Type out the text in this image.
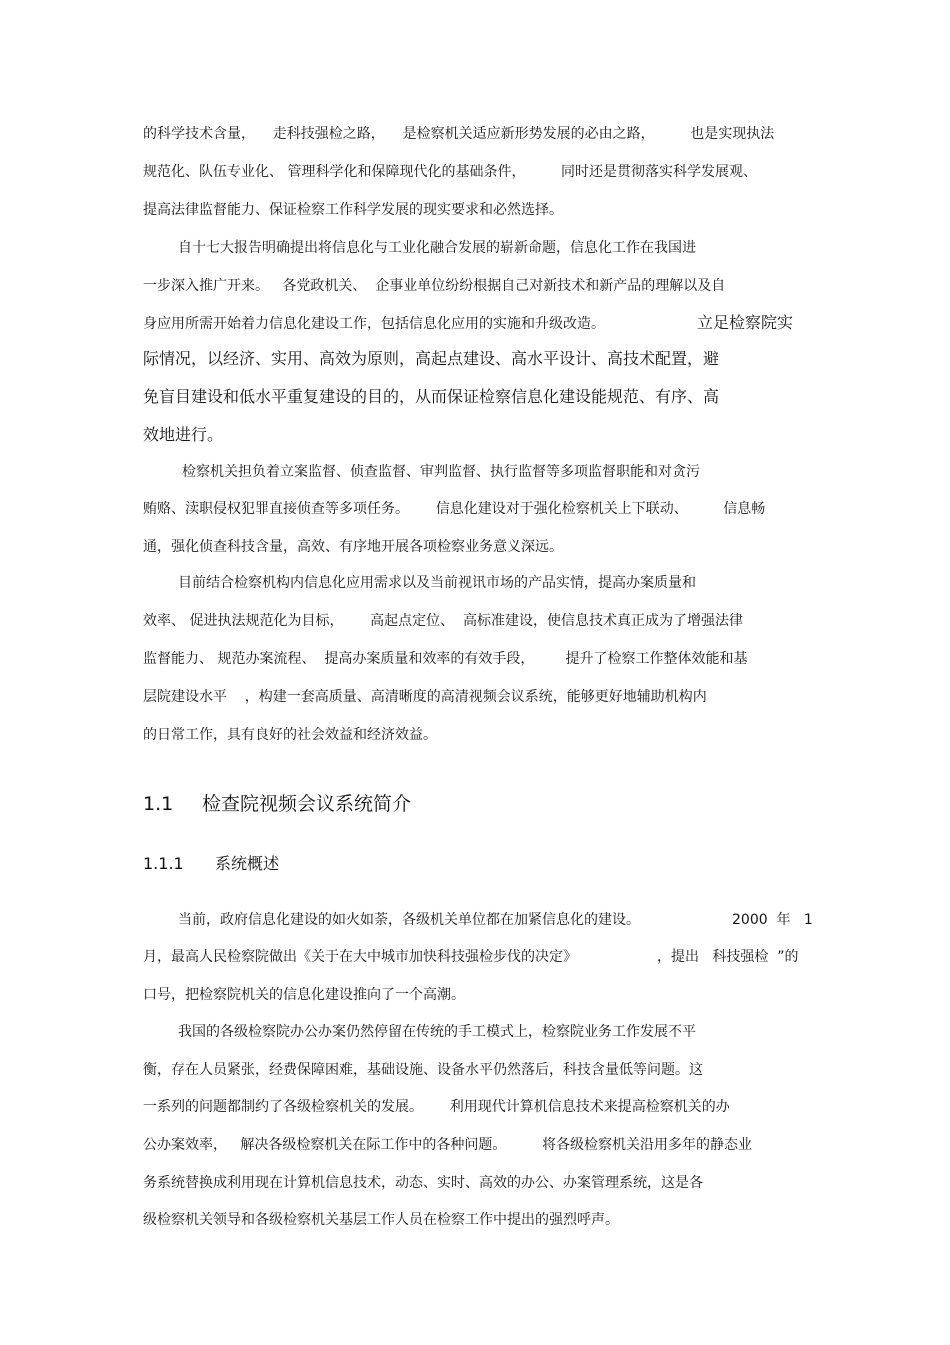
的科学技术含量，    走科技强检之路，    是检察机关适应新形势发展的必由之路，        也是实现执法
规范化、队伍专业化、 管理科学化和保障现代化的基础条件，        同时还是贯彻落实科学发展观、
提高法律监督能力、保证检察工作科学发展的现实要求和必然选择。
自十七大报告明确提出将信息化与工业化融合发展的崭新命题，信息化工作在我国进
一步深入推广开来。   各党政机关、  企事业单位纷纷根据自己对新技术和新产品的理解以及自
身应用所需开始着力信息化建设工作，包括信息化应用的实施和升级改造。	立足检察院实
际情况，以经济、实用、高效为原则，高起点建设、高水平设计、高技术配置，避
免盲目建设和低水平重复建设的目的，从而保证检察信息化建设能规范、有序、高
效地进行。
检察机关担负着立案监督、侦查监督、审判监督、执行监督等多项监督职能和对贪污
贿赂、渎职侵权犯罪直接侦查等多项任务。      信息化建设对于强化检察机关上下联动、        信息畅
通，强化侦查科技含量，高效、有序地开展各项检察业务意义深远。
目前结合检察机构内信息化应用需求以及当前视讯市场的产品实情，提高办案质量和
效率、 促进执法规范化为目标，      高起点定位、  高标准建设，使信息技术真正成为了增强法律
监督能力、 规范办案流程、  提高办案质量和效率的有效手段，       提升了检察工作整体效能和基
层院建设水平    ，构建一套高质量、高清晰度的高清视频会议系统，能够更好地辅助机构内
的日常工作，具有良好的社会效益和经济效益。
1.1 检查院视频会议系统简介
1.1.1 系统概述
当前，政府信息化建设的如火如荼，各级机关单位都在加紧信息化的建设。	2000  年   1
月，最高人民检察院做出《关于在大中城市加快科技强检步伐的决定》	，提出   科技强检  ”的
口号，把检察院机关的信息化建设推向了一个高潮。
我国的各级检察院办公办案仍然停留在传统的手工模式上，检察院业务工作发展不平
衡，存在人员紧张，经费保障困难，基础设施、设备水平仍然落后，科技含量低等问题。这
一系列的问题都制约了各级检察机关的发展。      利用现代计算机信息技术来提高检察机关的办
公办案效率，   解决各级检察机关在际工作中的各种问题。        将各级检察机关沿用多年的静态业
务系统替换成利用现在计算机信息技术，动态、实时、高效的办公、办案管理系统，这是各
级检察机关领导和各级检察机关基层工作人员在检察工作中提出的强烈呼声。
